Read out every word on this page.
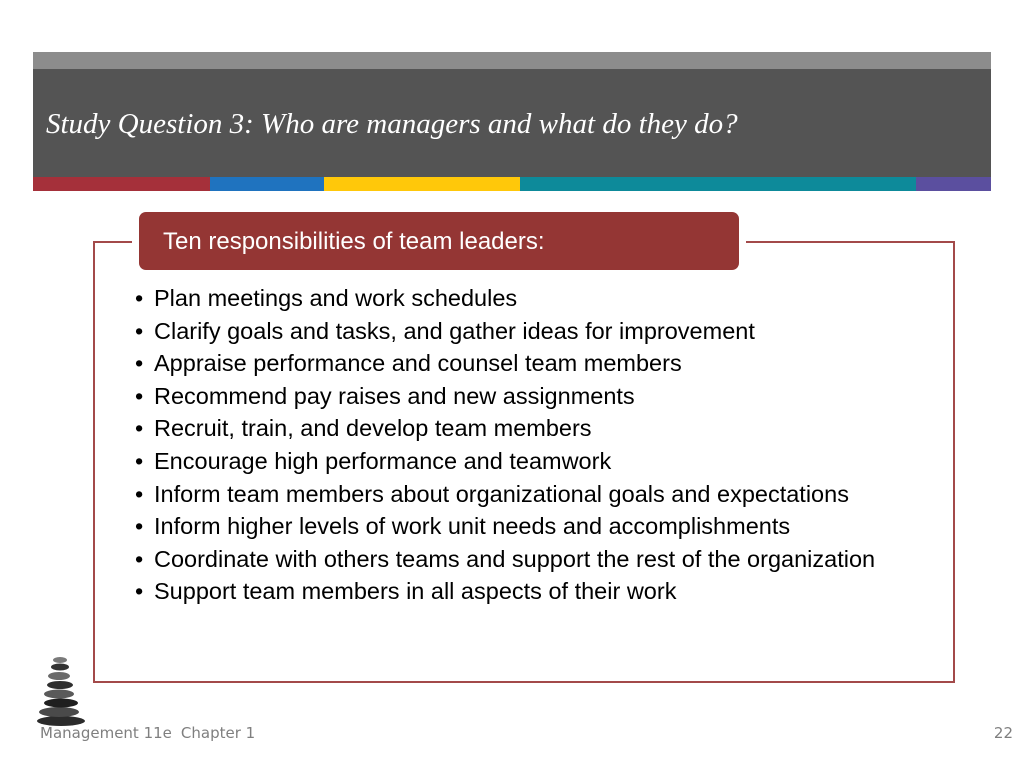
Study Question 3: Who are managers and what do they do?
Ten responsibilities of team leaders:
• Plan meetings and work schedules
• Clarify goals and tasks, and gather ideas for improvement
• Appraise performance and counsel team members
• Recommend pay raises and new assignments
• Recruit, train, and develop team members
• Encourage high performance and teamwork
• Inform team members about organizational goals and expectations
• Inform higher levels of work unit needs and accomplishments
• Coordinate with others teams and support the rest of the organization
• Support team members in all aspects of their work
Management 11e Chapter 1	22
